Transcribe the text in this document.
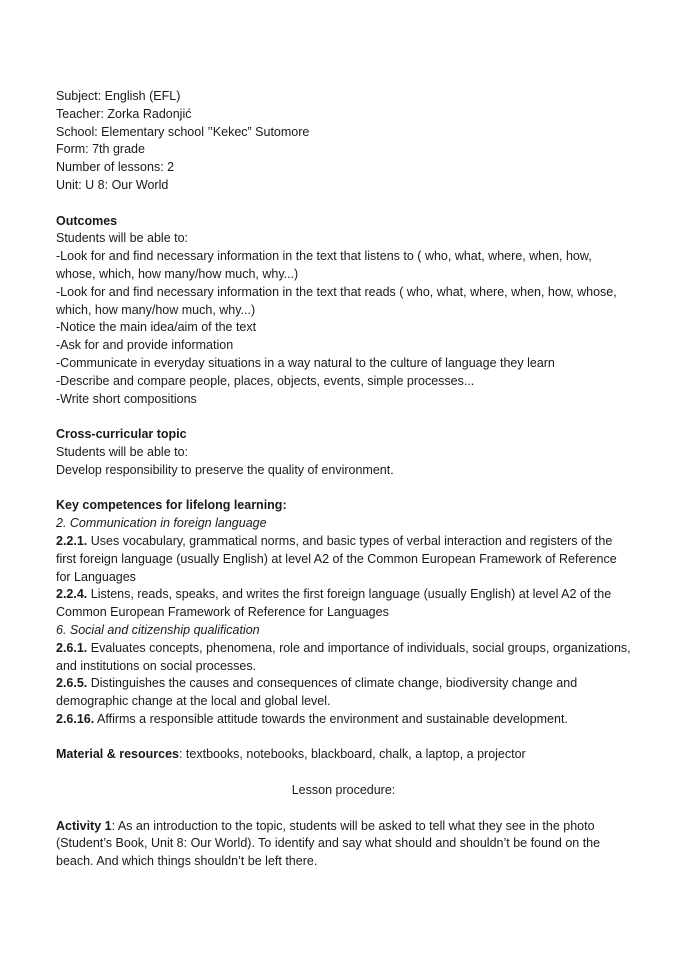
Subject: English (EFL)

Teacher: Zorka Radonjić

School: Elementary school ’’Kekec” Sutomore

Form: 7th grade

Number of lessons: 2

Unit: U 8: Our World

Outcomes

Students will be able to:

-Look for and find necessary information in the text that listens to ( who, what, where, when, how, whose, which, how many/how much, why...)

-Look for and find necessary information in the text that reads ( who, what, where, when, how, whose, which, how many/how much, why...)

-Notice the main idea/aim of the text

-Ask for and provide information

-Communicate in everyday situations in a way natural to the culture of language they learn

-Describe and compare people, places, objects, events, simple processes...

-Write short compositions

Cross-curricular topic

Students will be able to:

Develop responsibility to preserve the quality of environment.

Key competences for lifelong learning:

2. Communication in foreign language

2.2.1. Uses vocabulary, grammatical norms, and basic types of verbal interaction and registers of the first foreign language (usually English) at level A2 of the Common European Framework of Reference for Languages

2.2.4. Listens, reads, speaks, and writes the first foreign language (usually English) at level A2 of the Common European Framework of Reference for Languages

6. Social and citizenship qualification

2.6.1. Evaluates concepts, phenomena, role and importance of individuals, social groups, organizations, and institutions on social processes.

2.6.5. Distinguishes the causes and consequences of climate change, biodiversity change and demographic change at the local and global level.

2.6.16. Affirms a responsible attitude towards the environment and sustainable development.

Material & resources: textbooks, notebooks, blackboard, chalk, a laptop, a projector

Lesson procedure:

Activity 1: As an introduction to the topic, students will be asked to tell what they see in the photo (Student’s Book, Unit 8: Our World). To identify and say what should and shouldn’t be found on the beach. And which things shouldn’t be left there.
